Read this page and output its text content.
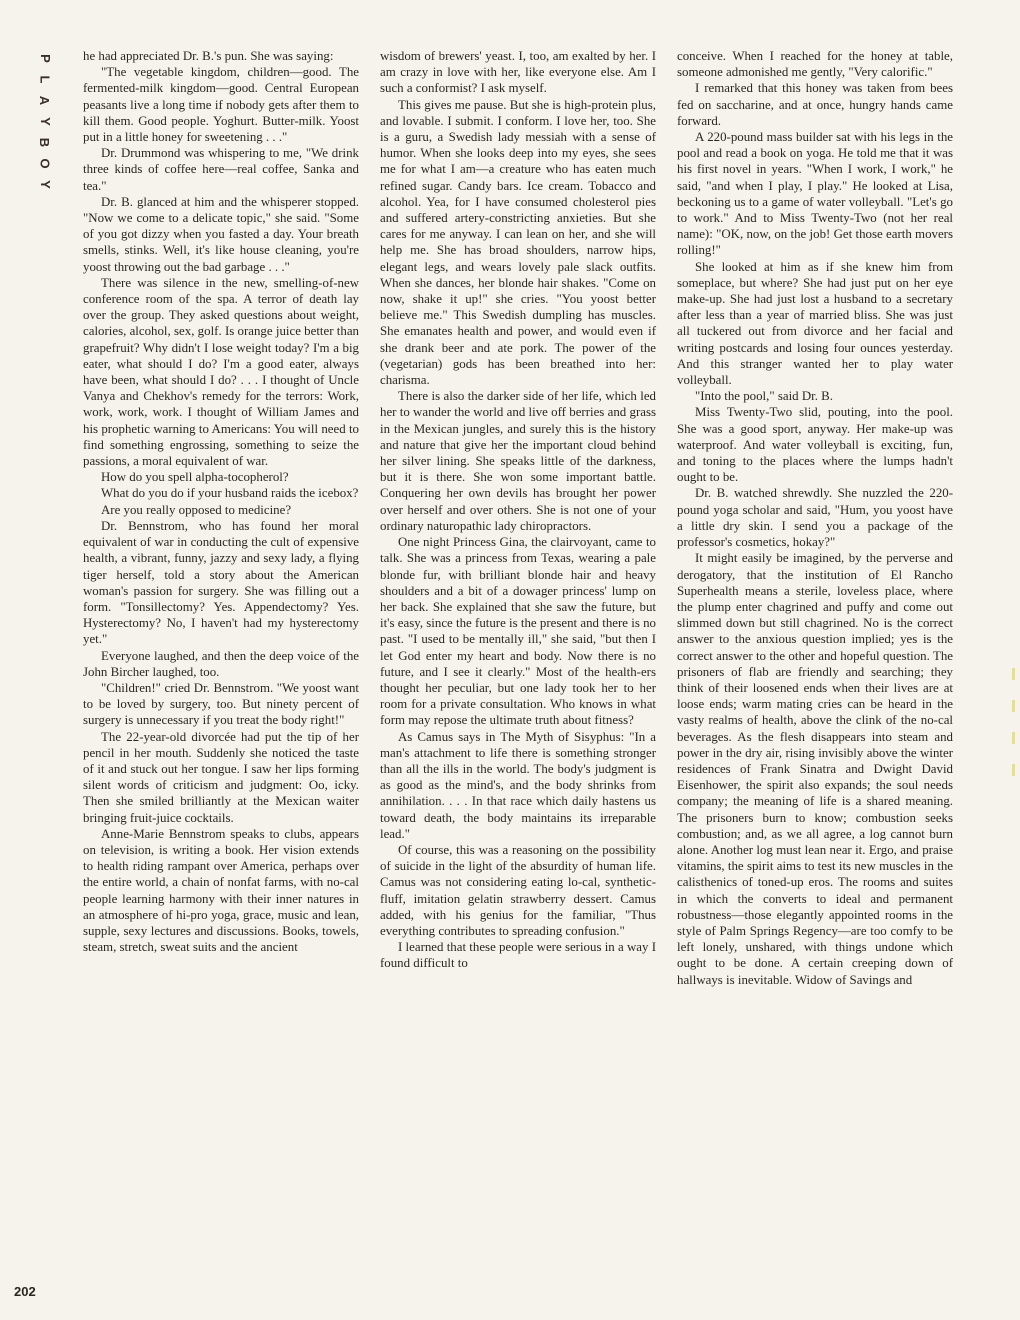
P
L
A
Y
B
O
Y

he had appreciated Dr. B.'s pun. She was saying:

"The vegetable kingdom, children—good. The fermented-milk kingdom—good. Central European peasants live a long time if nobody gets after them to kill them. Good people. Yoghurt. Butter-milk. Yoost put in a little honey for sweetening . . ."

Dr. Drummond was whispering to me, "We drink three kinds of coffee here—real coffee, Sanka and tea."

Dr. B. glanced at him and the whisperer stopped. "Now we come to a delicate topic," she said. "Some of you got dizzy when you fasted a day. Your breath smells, stinks. Well, it's like house cleaning, you're yoost throwing out the bad garbage . . ."

There was silence in the new, smelling-of-new conference room of the spa. A terror of death lay over the group. They asked questions about weight, calories, alcohol, sex, golf. Is orange juice better than grapefruit? Why didn't I lose weight today? I'm a big eater, what should I do? I'm a good eater, always have been, what should I do? . . . I thought of Uncle Vanya and Chekhov's remedy for the terrors: Work, work, work, work. I thought of William James and his prophetic warning to Americans: You will need to find something engrossing, something to seize the passions, a moral equivalent of war.

How do you spell alpha-tocopherol?

What do you do if your husband raids the icebox?

Are you really opposed to medicine?

Dr. Bennstrom, who has found her moral equivalent of war in conducting the cult of expensive health, a vibrant, funny, jazzy and sexy lady, a flying tiger herself, told a story about the American woman's passion for surgery. She was filling out a form. "Tonsillectomy? Yes. Appendectomy? Yes. Hysterectomy? No, I haven't had my hysterectomy yet."

Everyone laughed, and then the deep voice of the John Bircher laughed, too.

"Children!" cried Dr. Bennstrom. "We yoost want to be loved by surgery, too. But ninety percent of surgery is unnecessary if you treat the body right!"

The 22-year-old divorcée had put the tip of her pencil in her mouth. Suddenly she noticed the taste of it and stuck out her tongue. I saw her lips forming silent words of criticism and judgment: Oo, icky. Then she smiled brilliantly at the Mexican waiter bringing fruit-juice cocktails.

Anne-Marie Bennstrom speaks to clubs, appears on television, is writing a book. Her vision extends to health riding rampant over America, perhaps over the entire world, a chain of nonfat farms, with no-cal people learning harmony with their inner natures in an atmosphere of hi-pro yoga, grace, music and lean, supple, sexy lectures and discussions. Books, towels, steam, stretch, sweat suits and the ancient

wisdom of brewers' yeast. I, too, am exalted by her. I am crazy in love with her, like everyone else. Am I such a conformist? I ask myself.

This gives me pause. But she is high-protein plus, and lovable. I submit. I conform. I love her, too. She is a guru, a Swedish lady messiah with a sense of humor. When she looks deep into my eyes, she sees me for what I am—a creature who has eaten much refined sugar. Candy bars. Ice cream. Tobacco and alcohol. Yea, for I have consumed cholesterol pies and suffered artery-constricting anxieties. But she cares for me anyway. I can lean on her, and she will help me. She has broad shoulders, narrow hips, elegant legs, and wears lovely pale slack outfits. When she dances, her blonde hair shakes. "Come on now, shake it up!" she cries. "You yoost better believe me." This Swedish dumpling has muscles. She emanates health and power, and would even if she drank beer and ate pork. The power of the (vegetarian) gods has been breathed into her: charisma.

There is also the darker side of her life, which led her to wander the world and live off berries and grass in the Mexican jungles, and surely this is the history and nature that give her the important cloud behind her silver lining. She speaks little of the darkness, but it is there. She won some important battle. Conquering her own devils has brought her power over herself and over others. She is not one of your ordinary naturopathic lady chiropractors.

One night Princess Gina, the clairvoyant, came to talk. She was a princess from Texas, wearing a pale blonde fur, with brilliant blonde hair and heavy shoulders and a bit of a dowager princess' lump on her back. She explained that she saw the future, but it's easy, since the future is the present and there is no past. "I used to be mentally ill," she said, "but then I let God enter my heart and body. Now there is no future, and I see it clearly." Most of the health-ers thought her peculiar, but one lady took her to her room for a private consultation. Who knows in what form may repose the ultimate truth about fitness?

As Camus says in The Myth of Sisyphus: "In a man's attachment to life there is something stronger than all the ills in the world. The body's judgment is as good as the mind's, and the body shrinks from annihilation. . . . In that race which daily hastens us toward death, the body maintains its irreparable lead."

Of course, this was a reasoning on the possibility of suicide in the light of the absurdity of human life. Camus was not considering eating lo-cal, synthetic-fluff, imitation gelatin strawberry dessert. Camus added, with his genius for the familiar, "Thus everything contributes to spreading confusion."

I learned that these people were serious in a way I found difficult to

conceive. When I reached for the honey at table, someone admonished me gently, "Very calorific."

I remarked that this honey was taken from bees fed on saccharine, and at once, hungry hands came forward.

A 220-pound mass builder sat with his legs in the pool and read a book on yoga. He told me that it was his first novel in years. "When I work, I work," he said, "and when I play, I play." He looked at Lisa, beckoning us to a game of water volleyball. "Let's go to work." And to Miss Twenty-Two (not her real name): "OK, now, on the job! Get those earth movers rolling!"

She looked at him as if she knew him from someplace, but where? She had just put on her eye make-up. She had just lost a husband to a secretary after less than a year of married bliss. She was just all tuckered out from divorce and her facial and writing postcards and losing four ounces yesterday. And this stranger wanted her to play water volleyball.

"Into the pool," said Dr. B.

Miss Twenty-Two slid, pouting, into the pool. She was a good sport, anyway. Her make-up was waterproof. And water volleyball is exciting, fun, and toning to the places where the lumps hadn't ought to be.

Dr. B. watched shrewdly. She nuzzled the 220-pound yoga scholar and said, "Hum, you yoost have a little dry skin. I send you a package of the professor's cosmetics, hokay?"

It might easily be imagined, by the perverse and derogatory, that the institution of El Rancho Superhealth means a sterile, loveless place, where the plump enter chagrined and puffy and come out slimmed down but still chagrined. No is the correct answer to the anxious question implied; yes is the correct answer to the other and hopeful question. The prisoners of flab are friendly and searching; they think of their loosened ends when their lives are at loose ends; warm mating cries can be heard in the vasty realms of health, above the clink of the no-cal beverages. As the flesh disappears into steam and power in the dry air, rising invisibly above the winter residences of Frank Sinatra and Dwight David Eisenhower, the spirit also expands; the soul needs company; the meaning of life is a shared meaning. The prisoners burn to know; combustion seeks combustion; and, as we all agree, a log cannot burn alone. Another log must lean near it. Ergo, and praise vitamins, the spirit aims to test its new muscles in the calisthenics of toned-up eros. The rooms and suites in which the converts to ideal and permanent robustness—those elegantly appointed rooms in the style of Palm Springs Regency—are too comfy to be left lonely, unshared, with things undone which ought to be done. A certain creeping down of hallways is inevitable. Widow of Savings and

202
